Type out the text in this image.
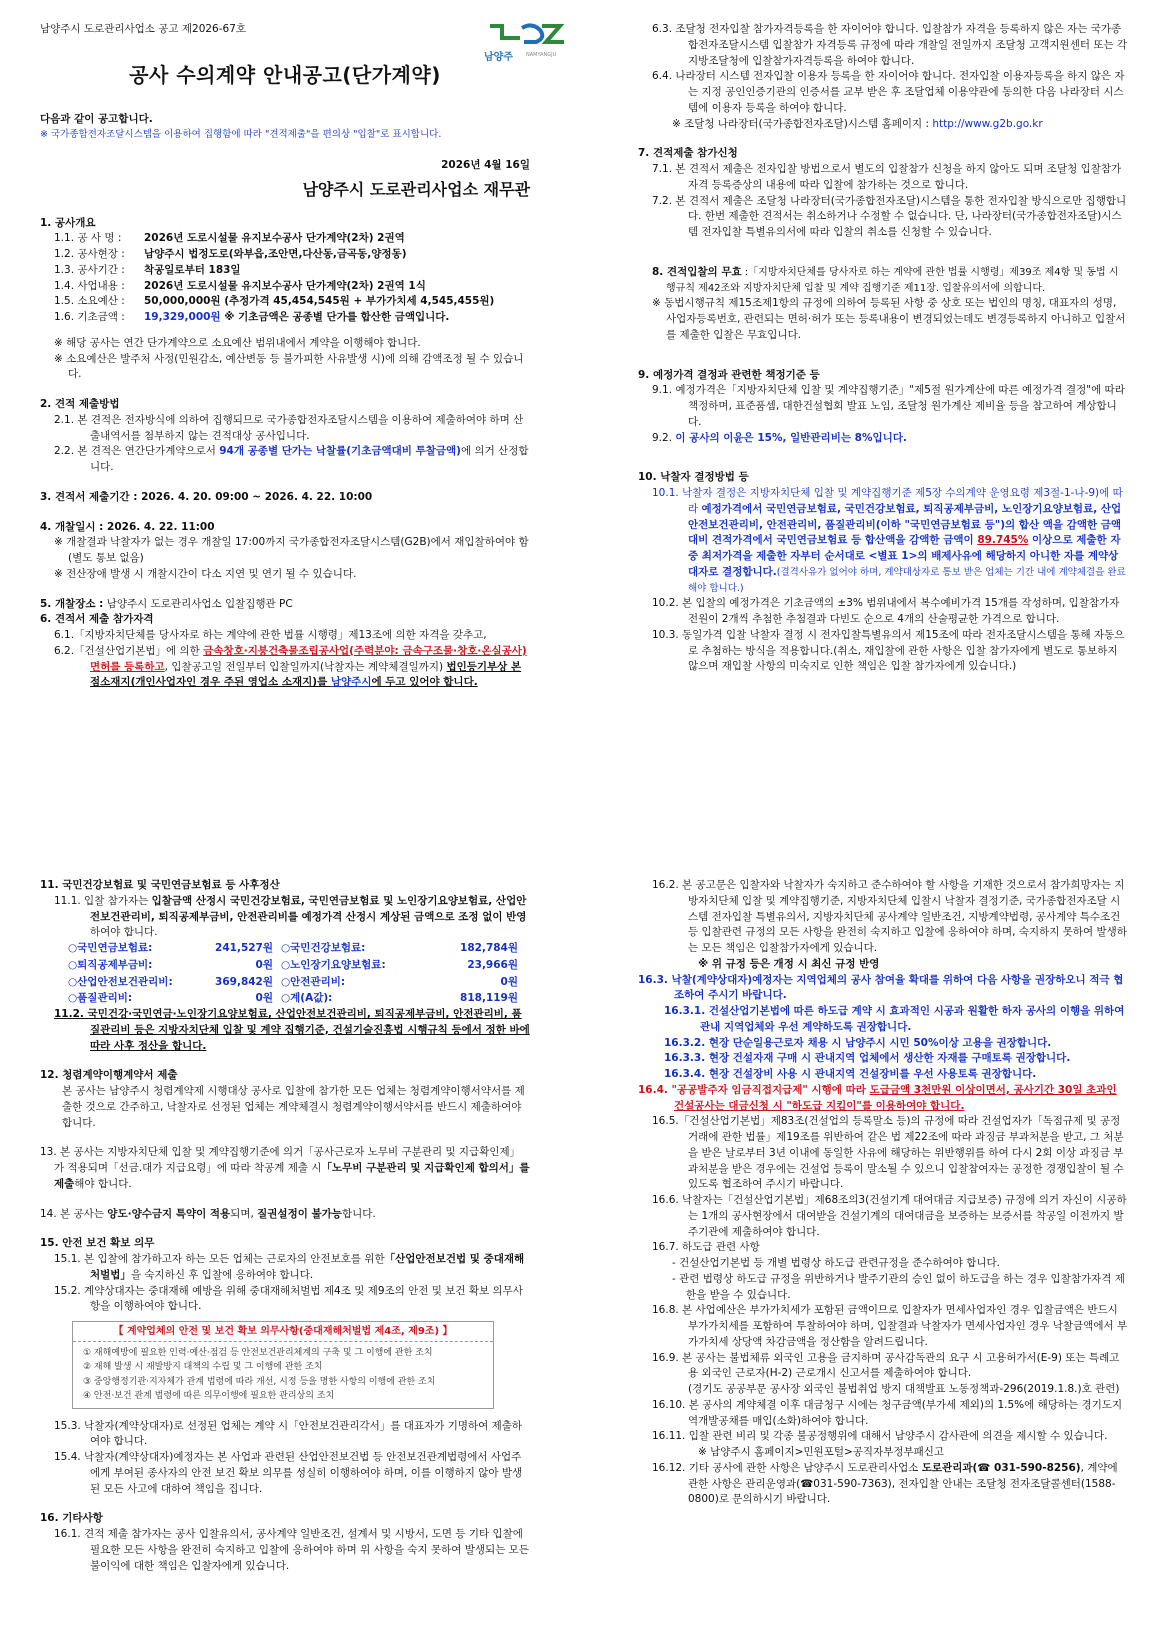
남양주시 도로관리사업소 공고 제2026-67호

남양주	NAMYANGJU

공사 수의계약 안내공고(단가계약)

다음과 같이 공고합니다.

※ 국가종합전자조달시스템을 이용하여 집행함에 따라 "견적제출"을 편의상 "입찰"로 표시합니다.

2026년 4월 16일

남양주시 도로관리사업소 재무관

1. 공사개요

1.1. 공 사 명 : 2026년 도로시설물 유지보수공사 단가계약(2차) 2권역

1.2. 공사현장 : 남양주시 법정도로(와부읍,조안면,다산동,금곡동,양정동)

1.3. 공사기간 : 착공일로부터 183일

1.4. 사업내용 : 2026년 도로시설물 유지보수공사 단가계약(2차) 2권역 1식

1.5. 소요예산 : 50,000,000원 (추정가격 45,454,545원 + 부가가치세 4,545,455원)

1.6. 기초금액 : 19,329,000원 ※ 기초금액은 공종별 단가를 합산한 금액입니다.

※ 해당 공사는 연간 단가계약으로 소요예산 범위내에서 계약을 이행해야 합니다.

※ 소요예산은 발주처 사정(민원감소, 예산변동 등 불가피한 사유발생 시)에 의해 감액조정 될 수 있습니다.

2. 견적 제출방법

2.1. 본 견적은 전자방식에 의하여 집행되므로 국가종합전자조달시스템을 이용하여 제출하여야 하며 산출내역서를 첨부하지 않는 견적대상 공사입니다.

2.2. 본 견적은 연간단가계약으로서 94개 공종별 단가는 낙찰률(기초금액대비 투찰금액)에 의거 산정합니다.

3. 견적서 제출기간 : 2026. 4. 20. 09:00 ~ 2026. 4. 22. 10:00

4. 개찰일시 : 2026. 4. 22. 11:00

※ 개찰결과 낙찰자가 없는 경우 개찰일 17:00까지 국가종합전자조달시스템(G2B)에서 재입찰하여야 함(별도 통보 없음)

※ 전산장애 발생 시 개찰시간이 다소 지연 및 연기 될 수 있습니다.

5. 개찰장소 : 남양주시 도로관리사업소 입찰집행관 PC

6. 견적서 제출 참가자격

6.1.「지방자치단체를 당사자로 하는 계약에 관한 법률 시행령」제13조에 의한 자격을 갖추고,

6.2.「건설산업기본법」에 의한 금속창호·지붕건축물조립공사업(주력분야: 금속구조물·창호·온실공사) 면허를 등록하고, 입찰공고일 전일부터 입찰일까지(낙찰자는 계약체결일까지) 법인등기부상 본점소재지(개인사업자인 경우 주된 영업소 소재지)를 남양주시에 두고 있어야 합니다.

6.3. 조달청 전자입찰 참가자격등록을 한 자이어야 합니다. 입찰참가 자격을 등록하지 않은 자는 국가종합전자조달시스템 입찰참가 자격등록 규정에 따라 개찰일 전일까지 조달청 고객지원센터 또는 각 지방조달청에 입찰참가자격등록을 하여야 합니다.

6.4. 나라장터 시스템 전자입찰 이용자 등록을 한 자이어야 합니다. 전자입찰 이용자등록을 하지 않은 자는 지정 공인인증기관의 인증서를 교부 받은 후 조달업체 이용약관에 동의한 다음 나라장터 시스템에 이용자 등록을 하여야 합니다.

※ 조달청 나라장터(국가종합전자조달)시스템 홈페이지 : http://www.g2b.go.kr

7. 견적제출 참가신청

7.1. 본 견적서 제출은 전자입찰 방법으로서 별도의 입찰참가 신청을 하지 않아도 되며 조달청 입찰참가 자격 등록증상의 내용에 따라 입찰에 참가하는 것으로 합니다.

7.2. 본 견적서 제출은 조달청 나라장터(국가종합전자조달)시스템을 통한 전자입찰 방식으로만 집행합니다. 한번 제출한 견적서는 취소하거나 수정할 수 없습니다. 단, 나라장터(국가종합전자조달)시스템 전자입찰 특별유의서에 따라 입찰의 취소를 신청할 수 있습니다.

8. 견적입찰의 무효 :「지방자치단체를 당사자로 하는 계약에 관한 법률 시행령」제39조 제4항 및 동법 시행규칙 제42조와 지방자치단체 입찰 및 계약 집행기준 제11장. 입찰유의서에 의합니다.

※ 동법시행규칙 제15조제1항의 규정에 의하여 등록된 사항 중 상호 또는 법인의 명칭, 대표자의 성명, 사업자등록번호, 관련되는 면허·허가 또는 등록내용이 변경되었는데도 변경등록하지 아니하고 입찰서를 제출한 입찰은 무효입니다.

9. 예정가격 결정과 관련한 책정기준 등

9.1. 예정가격은「지방자치단체 입찰 및 계약집행기준」"제5절 원가계산에 따른 예정가격 결정"에 따라 책정하며, 표준품셈, 대한건설협회 발표 노임, 조달청 원가계산 제비율 등을 참고하여 계상합니다.

9.2. 이 공사의 이윤은 15%, 일반관리비는 8%입니다.

10. 낙찰자 결정방법 등

10.1. 낙찰자 결정은 지방자치단체 입찰 및 계약집행기준 제5장 수의계약 운영요령 제3절-1-나-9)에 따라 예정가격에서 국민연금보험료, 국민건강보험료, 퇴직공제부금비, 노인장기요양보험료, 산업안전보건관리비, 안전관리비, 품질관리비(이하 "국민연금보험료 등")의 합산 액을 감액한 금액 대비 견적가격에서 국민연금보험료 등 합산액을 감액한 금액이 89.745% 이상으로 제출한 자 중 최저가격을 제출한 자부터 순서대로 <별표 1>의 배제사유에 해당하지 아니한 자를 계약상대자로 결정합니다.(결격사유가 없어야 하며, 계약대상자로 통보 받은 업체는 기간 내에 계약체결을 완료해야 합니다.)

10.2. 본 입찰의 예정가격은 기초금액의 ±3% 범위내에서 복수예비가격 15개를 작성하며, 입찰참가자 전원이 2개씩 추첨한 추첨결과 다빈도 순으로 4개의 산술평균한 가격으로 합니다.

10.3. 동일가격 입찰 낙찰자 결정 시 전자입찰특별유의서 제15조에 따라 전자조달시스템을 통해 자동으로 추첨하는 방식을 적용합니다.(취소, 재입찰에 관한 사항은 입찰 참가자에게 별도로 통보하지 않으며 재입찰 사항의 미숙지로 인한 책임은 입찰 참가자에게 있습니다.)

11. 국민건강보험료 및 국민연금보험료 등 사후정산

11.1. 입찰 참가자는 입찰금액 산정시 국민건강보험료, 국민연금보험료 및 노인장기요양보험료, 산업안전보건관리비, 퇴직공제부금비, 안전관리비를 예정가격 산정시 계상된 금액으로 조정 없이 반영하여야 합니다.

○국민연금보험료:	241,527원 ○국민건강보험료:	182,784원
○퇴직공제부금비:	0원 ○노인장기요양보험료:	23,966원
○산업안전보건관리비:	369,842원 ○안전관리비:	0원
○품질관리비:	0원 ○계(A값):	818,119원

11.2. 국민건강·국민연금·노인장기요양보험료, 산업안전보건관리비, 퇴직공제부금비, 안전관리비, 품질관리비 등은 지방자치단체 입찰 및 계약 집행기준, 건설기술진흥법 시행규칙 등에서 정한 바에 따라 사후 정산을 합니다.

12. 청렴계약이행계약서 제출

본 공사는 남양주시 청렴계약제 시행대상 공사로 입찰에 참가한 모든 업체는 청렴계약이행서약서를 제출한 것으로 간주하고, 낙찰자로 선정된 업체는 계약체결시 청렴계약이행서약서를 반드시 제출하여야 합니다.

13. 본 공사는 지방자치단체 입찰 및 계약집행기준에 의거「공사근로자 노무비 구분관리 및 지급확인제」가 적용되며「선금.대가 지급요령」에 따라 착공계 제출 시「노무비 구분관리 및 지급확인제 합의서」를 제출해야 합니다.

14. 본 공사는 양도·양수금지 특약이 적용되며, 질권설정이 불가능합니다.

15. 안전 보건 확보 의무

15.1. 본 입찰에 참가하고자 하는 모든 업체는 근로자의 안전보호를 위한「산업안전보건법 및 중대재해처벌법」을 숙지하신 후 입찰에 응하여야 합니다.

15.2. 계약상대자는 중대재해 예방을 위해 중대재해처벌법 제4조 및 제9조의 안전 및 보건 확보 의무사항을 이행하여야 합니다.

【 계약업체의 안전 및 보건 확보 의무사항(중대재해처벌법 제4조, 제9조) 】

① 재해예방에 필요한 인력·예산·점검 등 안전보건관리체계의 구축 및 그 이행에 관한 조치

② 재해 발생 시 재발방지 대책의 수립 및 그 이행에 관한 조치

③ 중앙행정기관·지자체가 관계 법령에 따라 개선, 시정 등을 명한 사항의 이행에 관한 조치

④ 안전·보건 관계 법령에 따른 의무이행에 필요한 관리상의 조치

15.3. 낙찰자(계약상대자)로 선정된 업체는 계약 시「안전보건관리각서」를 대표자가 기명하여 제출하여야 합니다.

15.4. 낙찰자(계약상대자)예정자는 본 사업과 관련된 산업안전보건법 등 안전보건관계법령에서 사업주에게 부여된 종사자의 안전 보건 확보 의무를 성실히 이행하여야 하며, 이를 이행하지 않아 발생된 모든 사고에 대하여 책임을 집니다.

16. 기타사항

16.1. 견적 제출 참가자는 공사 입찰유의서, 공사계약 일반조건, 설계서 및 시방서, 도면 등 기타 입찰에 필요한 모든 사항을 완전히 숙지하고 입찰에 응하여야 하며 위 사항을 숙지 못하여 발생되는 모든 불이익에 대한 책임은 입찰자에게 있습니다.

16.2. 본 공고문은 입찰자와 낙찰자가 숙지하고 준수하여야 할 사항을 기재한 것으로서 참가희망자는 지방자치단체 입찰 및 계약집행기준, 지방자치단체 입찰시 낙찰자 결정기준, 국가종합전자조달 시스템 전자입찰 특별유의서, 지방자치단체 공사계약 일반조건, 지방계약법령, 공사계약 특수조건 등 입찰관련 규정의 모든 사항을 완전히 숙지하고 입찰에 응하여야 하며, 숙지하지 못하여 발생하는 모든 책임은 입찰참가자에게 있습니다.

※ 위 규정 등은 개정 시 최신 규정 반영

16.3. 낙찰(계약상대자)예정자는 지역업체의 공사 참여율 확대를 위하여 다음 사항을 권장하오니 적극 협조하여 주시기 바랍니다.

16.3.1. 건설산업기본법에 따른 하도급 계약 시 효과적인 시공과 원활한 하자 공사의 이행을 위하여 관내 지역업체와 우선 계약하도록 권장합니다.

16.3.2. 현장 단순일용근로자 채용 시 남양주시 시민 50%이상 고용을 권장합니다.

16.3.3. 현장 건설자재 구매 시 관내지역 업체에서 생산한 자재를 구매토록 권장합니다.

16.3.4. 현장 건설장비 사용 시 관내지역 건설장비를 우선 사용토록 권장합니다.

16.4. "공공발주자 임금직접지급제" 시행에 따라 도급금액 3천만원 이상이면서, 공사기간 30일 초과인 건설공사는 대금신청 시 "하도급 지킴이"를 이용하여야 합니다.

16.5.「건설산업기본법」제83조(건설업의 등록말소 등)의 규정에 따라 건설업자가「독점규제 및 공정거래에 관한 법률」제19조를 위반하여 같은 법 제22조에 따라 과징금 부과처분을 받고, 그 처분을 받은 날로부터 3년 이내에 동일한 사유에 해당하는 위반행위를 하여 다시 2회 이상 과징금 부과처분을 받은 경우에는 건설업 등록이 말소될 수 있으니 입찰참여자는 공정한 경쟁입찰이 될 수 있도록 협조하여 주시기 바랍니다.

16.6. 낙찰자는「건설산업기본법」제68조의3(건설기계 대여대금 지급보증) 규정에 의거 자신이 시공하는 1개의 공사현장에서 대여받을 건설기계의 대여대금을 보증하는 보증서를 착공일 이전까지 발주기관에 제출하여야 합니다.

16.7. 하도급 관련 사항

- 건설산업기본법 등 개별 법령상 하도급 관련규정을 준수하여야 합니다.

- 관련 법령상 하도급 규정을 위반하거나 발주기관의 승인 없이 하도급을 하는 경우 입찰참가자격 제한을 받을 수 있습니다.

16.8. 본 사업예산은 부가가치세가 포함된 금액이므로 입찰자가 면세사업자인 경우 입찰금액은 반드시 부가가치세를 포함하여 투찰하여야 하며, 입찰결과 낙찰자가 면세사업자인 경우 낙찰금액에서 부가가치세 상당액 차감금액을 정산함을 알려드립니다.

16.9. 본 공사는 불법체류 외국인 고용을 금지하며 공사감독관의 요구 시 고용허가서(E-9) 또는 특례고용 외국인 근로자(H-2) 근로개시 신고서를 제출하여야 합니다.

(경기도 공공부문 공사장 외국인 불법취업 방지 대책발표 노동정책과-296(2019.1.8.)호 관련)

16.10. 본 공사의 계약체결 이후 대금청구 시에는 청구금액(부가세 제외)의 1.5%에 해당하는 경기도지역개발공채를 매입(소화)하여야 합니다.

16.11. 입찰 관련 비리 및 각종 불공정행위에 대해서 남양주시 감사관에 의견을 제시할 수 있습니다.

※ 남양주시 홈페이지>민원포털>공직자부정부패신고

16.12. 기타 공사에 관한 사항은 남양주시 도로관리사업소 도로관리과(☎ 031-590-8256), 계약에 관한 사항은 관리운영과(☎031-590-7363), 전자입찰 안내는 조달청 전자조달콜센터(1588-0800)로 문의하시기 바랍니다.
